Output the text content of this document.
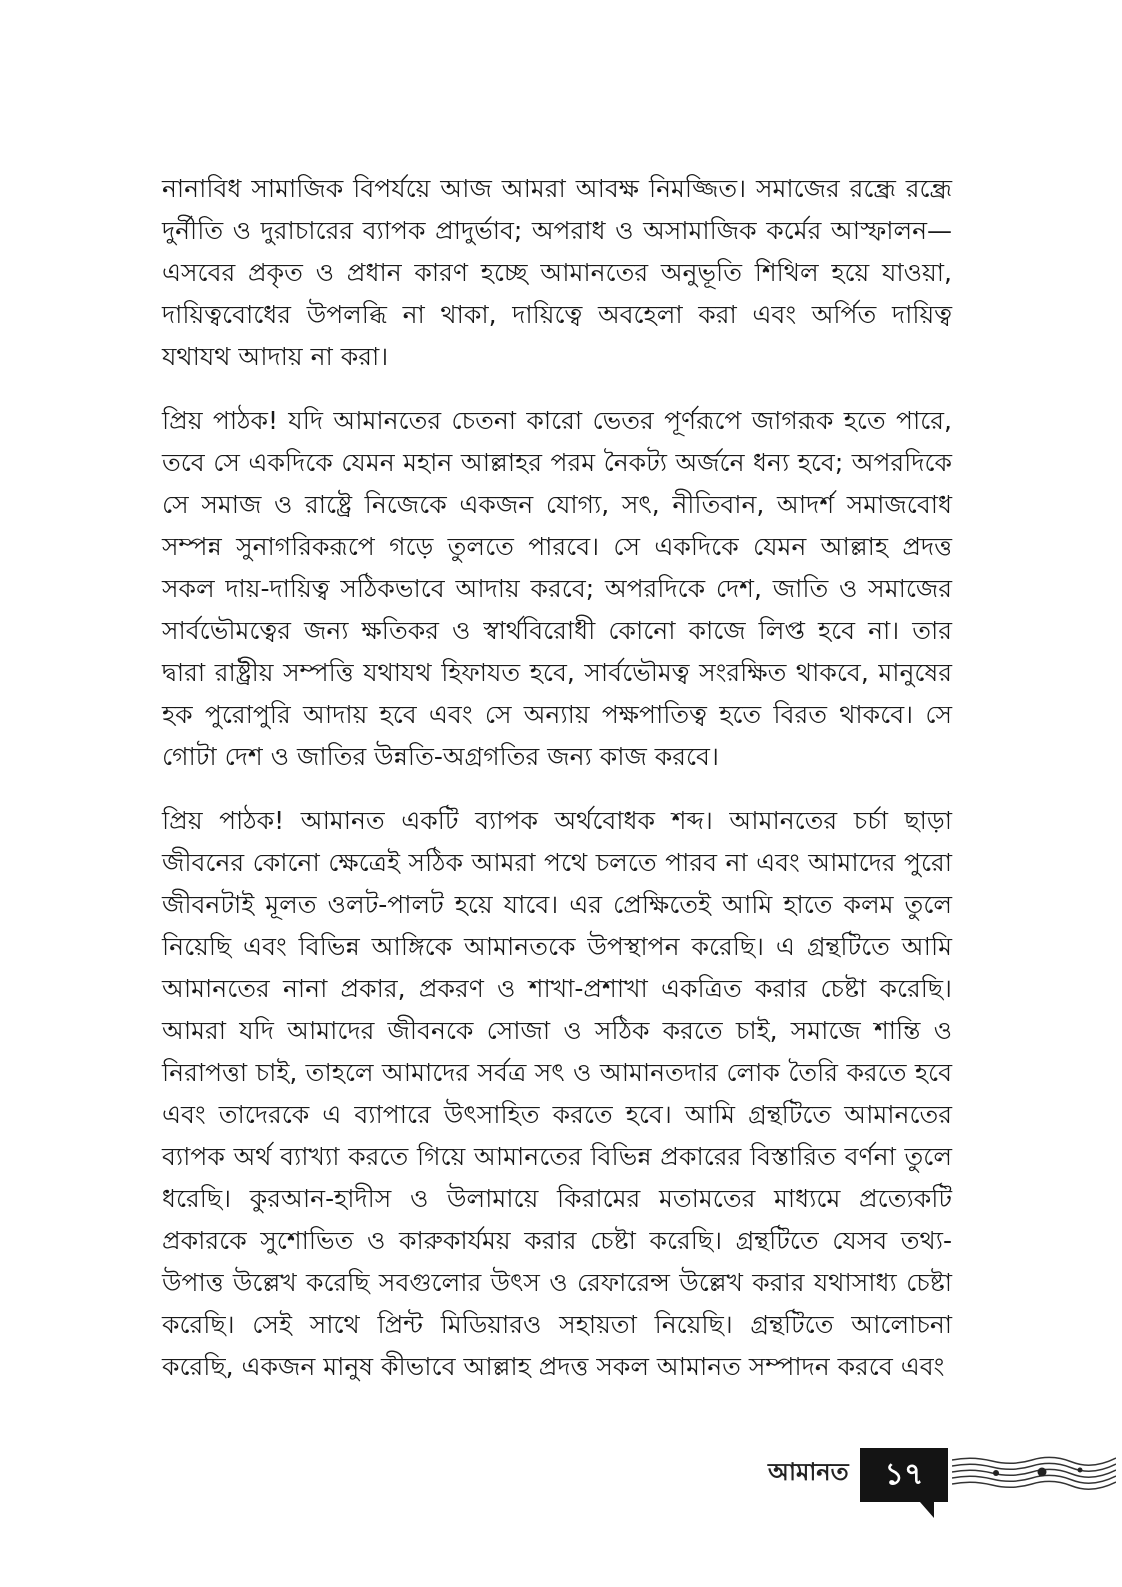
নানাবিধ সামাজিক বিপর্যয়ে আজ আমরা আবক্ষ নিমজ্জিত। সমাজের রন্ধ্রে রন্ধ্রে দুর্নীতি ও দুরাচারের ব্যাপক প্রাদুর্ভাব; অপরাধ ও অসামাজিক কর্মের আস্ফালন—এসবের প্রকৃত ও প্রধান কারণ হচ্ছে আমানতের অনুভূতি শিথিল হয়ে যাওয়া, দায়িত্ববোধের উপলব্ধি না থাকা, দায়িত্বে অবহেলা করা এবং অর্পিত দায়িত্ব যথাযথ আদায় না করা।

প্রিয় পাঠক! যদি আমানতের চেতনা কারো ভেতর পূর্ণরূপে জাগরূক হতে পারে, তবে সে একদিকে যেমন মহান আল্লাহর পরম নৈকট্য অর্জনে ধন্য হবে; অপরদিকে সে সমাজ ও রাষ্ট্রে নিজেকে একজন যোগ্য, সৎ, নীতিবান, আদর্শ সমাজবোধ সম্পন্ন সুনাগরিকরূপে গড়ে তুলতে পারবে। সে একদিকে যেমন আল্লাহ প্রদত্ত সকল দায়-দায়িত্ব সঠিকভাবে আদায় করবে; অপরদিকে দেশ, জাতি ও সমাজের সার্বভৌমত্বের জন্য ক্ষতিকর ও স্বার্থবিরোধী কোনো কাজে লিপ্ত হবে না। তার দ্বারা রাষ্ট্রীয় সম্পত্তি যথাযথ হিফাযত হবে, সার্বভৌমত্ব সংরক্ষিত থাকবে, মানুষের হক পুরোপুরি আদায় হবে এবং সে অন্যায় পক্ষপাতিত্ব হতে বিরত থাকবে। সে গোটা দেশ ও জাতির উন্নতি-অগ্রগতির জন্য কাজ করবে।

প্রিয় পাঠক! আমানত একটি ব্যাপক অর্থবোধক শব্দ। আমানতের চর্চা ছাড়া জীবনের কোনো ক্ষেত্রেই সঠিক আমরা পথে চলতে পারব না এবং আমাদের পুরো জীবনটাই মূলত ওলট-পালট হয়ে যাবে। এর প্রেক্ষিতেই আমি হাতে কলম তুলে নিয়েছি এবং বিভিন্ন আঙ্গিকে আমানতকে উপস্থাপন করেছি। এ গ্রন্থটিতে আমি আমানতের নানা প্রকার, প্রকরণ ও শাখা-প্রশাখা একত্রিত করার চেষ্টা করেছি। আমরা যদি আমাদের জীবনকে সোজা ও সঠিক করতে চাই, সমাজে শান্তি ও নিরাপত্তা চাই, তাহলে আমাদের সর্বত্র সৎ ও আমানতদার লোক তৈরি করতে হবে এবং তাদেরকে এ ব্যাপারে উৎসাহিত করতে হবে। আমি গ্রন্থটিতে আমানতের ব্যাপক অর্থ ব্যাখ্যা করতে গিয়ে আমানতের বিভিন্ন প্রকারের বিস্তারিত বর্ণনা তুলে ধরেছি। কুরআন-হাদীস ও উলামায়ে কিরামের মতামতের মাধ্যমে প্রত্যেকটি প্রকারকে সুশোভিত ও কারুকার্যময় করার চেষ্টা করেছি। গ্রন্থটিতে যেসব তথ্য-উপাত্ত উল্লেখ করেছি সবগুলোর উৎস ও রেফারেন্স উল্লেখ করার যথাসাধ্য চেষ্টা করেছি। সেই সাথে প্রিন্ট মিডিয়ারও সহায়তা নিয়েছি। গ্রন্থটিতে আলোচনা করেছি, একজন মানুষ কীভাবে আল্লাহ প্রদত্ত সকল আমানত সম্পাদন করবে এবং

আমানত ১৭
